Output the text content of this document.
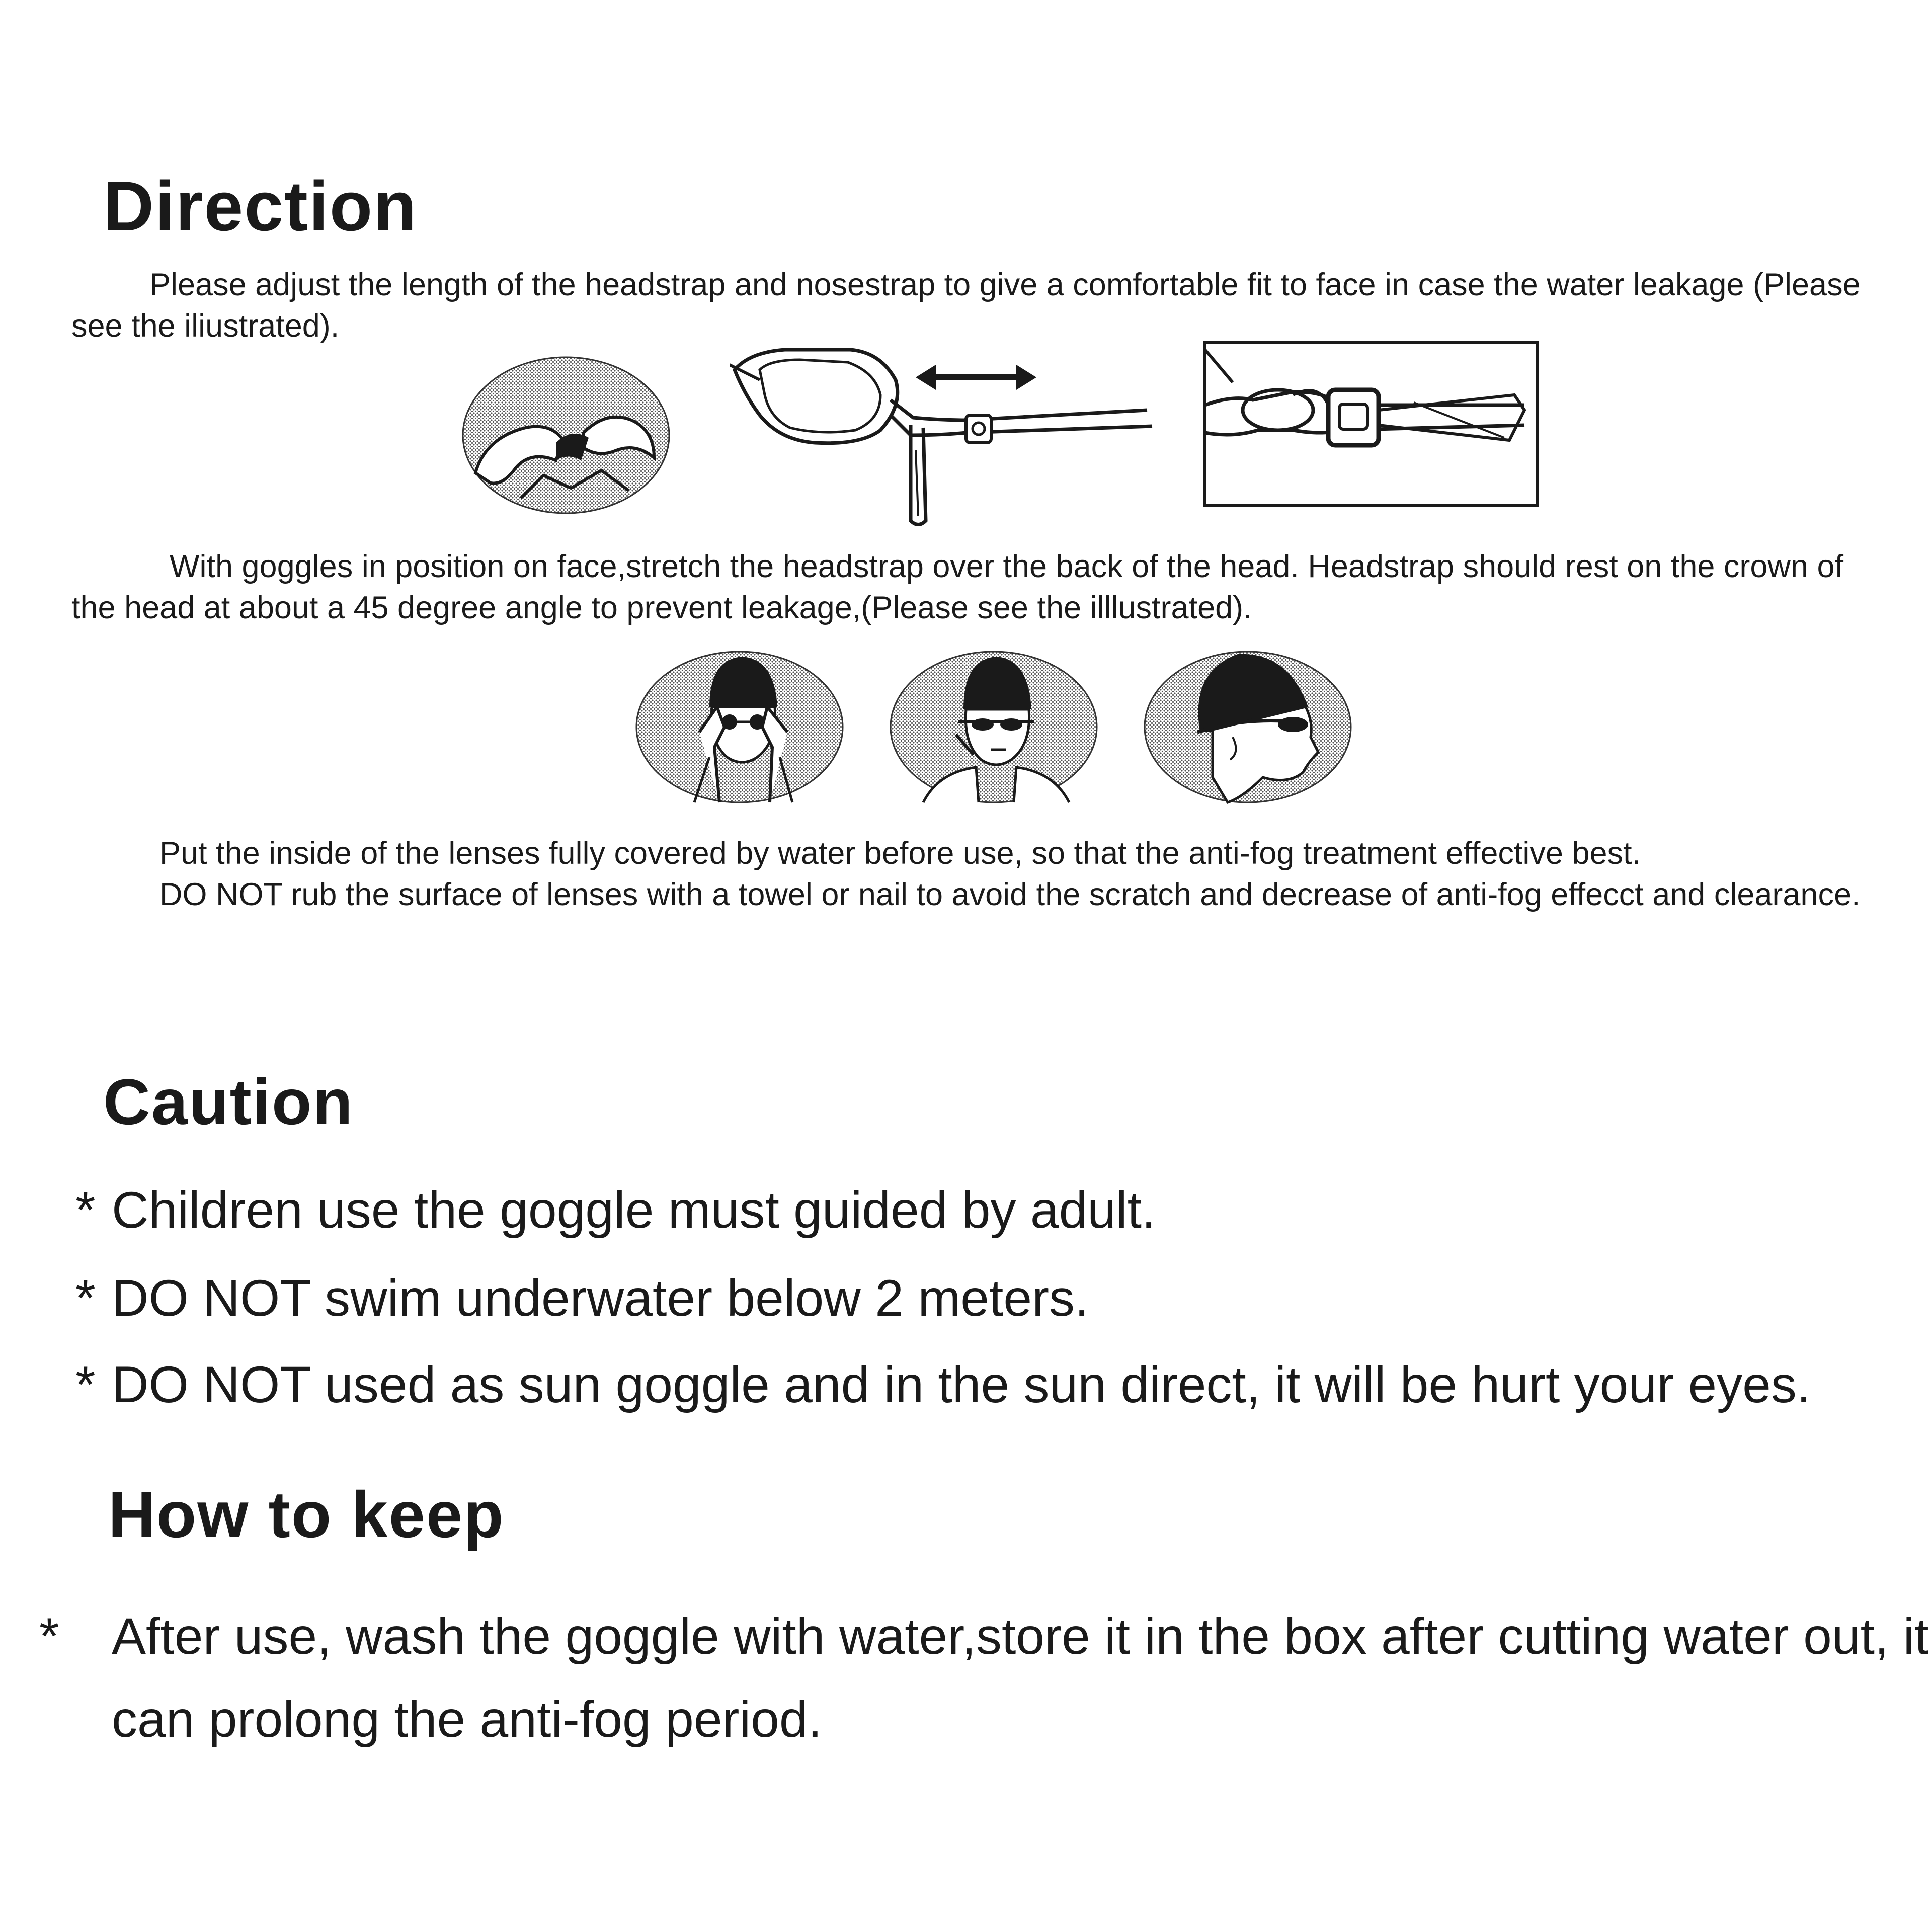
Direction

Please adjust the length of the headstrap and nosestrap to give a comfortable fit to face in case the water leakage (Please see the iliustrated).

With goggles in position on face,stretch the headstrap over the back of the head. Headstrap should rest on the crown of the head at about a 45 degree angle to prevent leakage,(Please see the illlustrated).

Put the inside of the lenses fully covered by water before use, so that the anti-fog treatment effective best.

DO NOT rub the surface of lenses with a towel or nail to avoid the scratch and decrease of anti-fog effecct and clearance.

Caution

* Children use the goggle must guided by adult.

* DO NOT swim underwater below 2 meters.

* DO NOT used as sun goggle and in the sun direct, it will be hurt your eyes.

How to keep

* After use, wash the goggle with water,store it in the box after cutting water out, it can prolong the anti-fog period.
